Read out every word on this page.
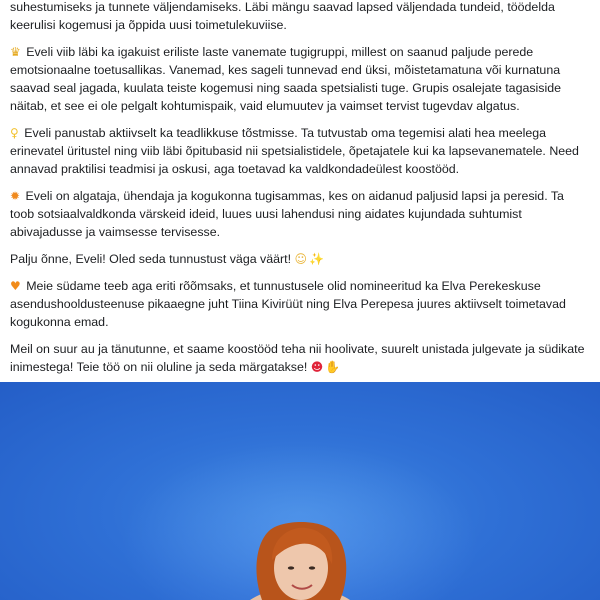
suhestumiseks ja tunnete väljendamiseks. Läbi mängu saavad lapsed väljendada tundeid, töödelda keerulisi kogemusi ja õppida uusi toimetulekuviise.

♛ Eveli viib läbi ka igakuist eriliste laste vanemate tugigruppi, millest on saanud paljude perede emotsionaalne toetusallikas. Vanemad, kes sageli tunnevad end üksi, mõistetamatuna või kurnatuna saavad seal jagada, kuulata teiste kogemusi ning saada spetsialisti tuge. Grupis osalejate tagasiside näitab, et see ei ole pelgalt kohtumispaik, vaid elumuutev ja vaimset tervist tugevdav algatus.

♀ Eveli panustab aktiivselt ka teadlikkuse tõstmisse. Ta tutvustab oma tegemisi alati hea meelega erinevatel üritustel ning viib läbi õpitubasid nii spetsialistidele, õpetajatele kui ka lapsevanematele. Need annavad praktilisi teadmisi ja oskusi, aga toetavad ka valdkondadeülest koostööd.

✹ Eveli on algataja, ühendaja ja kogukonna tugisammas, kes on aidanud paljusid lapsi ja peresid. Ta toob sotsiaalvaldkonda värskeid ideid, luues uusi lahendusi ning aidates kujundada suhtumist abivajadusse ja vaimsesse tervisesse.

Palju õnne, Eveli! Oled seda tunnustust väga väärt! ☺ ✨

♥ Meie südame teeb aga eriti rõõmsaks, et tunnustusele olid nomineeritud ka Elva Perekeskuse asendushooldusteenuse pikaaegne juht Tiina Kivirüüt ning Elva Perepesa juures aktiivselt toimetavad kogukonna emad.

Meil on suur au ja tänutunne, et saame koostööd teha nii hoolivate, suurelt unistada julgevate ja südikate inimestega! Teie töö on nii oluline ja seda märgatakse! ☻ ✋
